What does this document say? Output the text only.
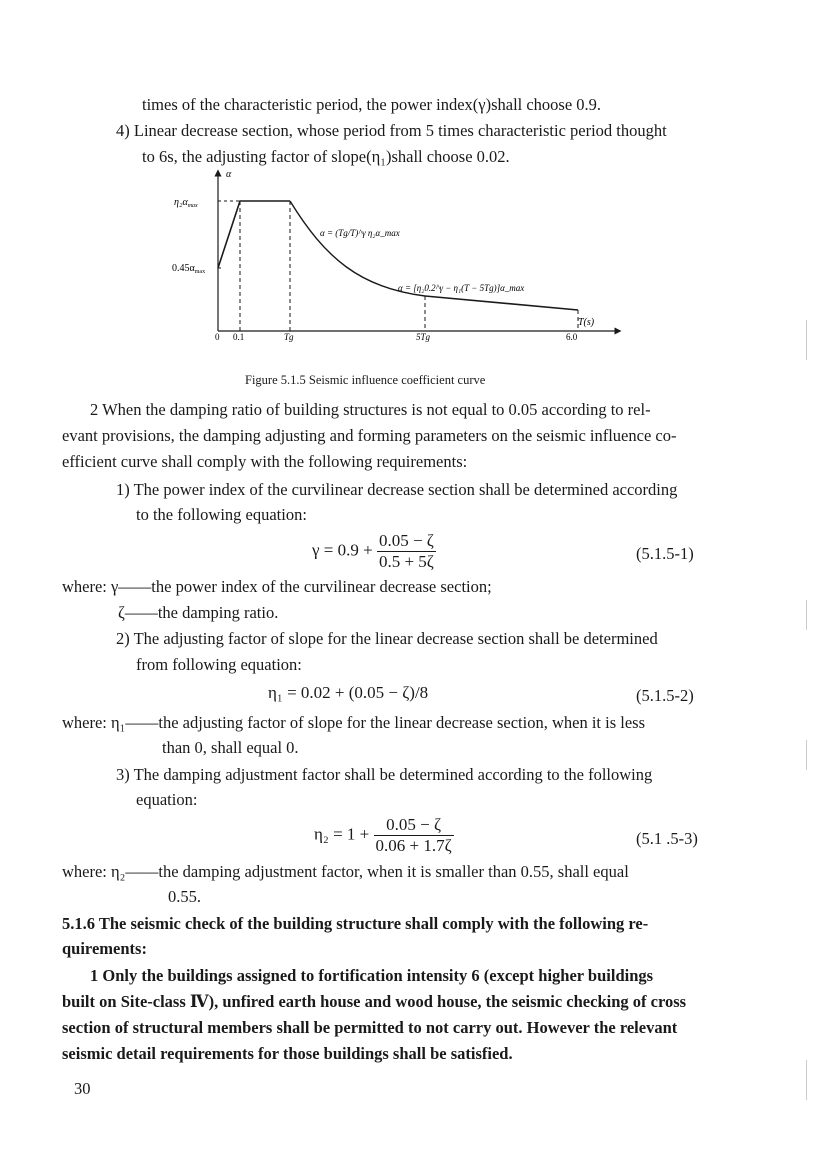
times of the characteristic period, the power index(γ)shall choose 0.9.
4) Linear decrease section, whose period from 5 times characteristic period thought
to 6s, the adjusting factor of slope(η₁)shall choose 0.02.
α
$\eta_2\alpha_{max}$
$0.45\alpha_{max}$
α = (Tg/T)^γ η₂α_max
α = [η₂0.2^γ − η₁(T − 5Tg)]α_max
T(s)
0 0.1	Tg	5Tg	6.0
Figure 5.1.5 Seismic influence coefficient curve
2 When the damping ratio of building structures is not equal to 0.05 according to rel-
evant provisions, the damping adjusting and forming parameters on the seismic influence co-
efficient curve shall comply with the following requirements:
1) The power index of the curvilinear decrease section shall be determined according
to the following equation:
$\gamma = 0.9 + \frac{0.05 - \zeta}{0.5 + 5\zeta}$	(5.1.5-1)
where: γ——the power index of the curvilinear decrease section;
ζ——the damping ratio.
2) The adjusting factor of slope for the linear decrease section shall be determined
from following equation:
η₁ = 0.02 + (0.05 − ζ)/8	(5.1.5-2)
where: η₁——the adjusting factor of slope for the linear decrease section, when it is less
than 0, shall equal 0.
3) The damping adjustment factor shall be determined according to the following
equation:
$\eta_2 = 1 + \frac{0.05 - \zeta}{0.06 + 1.7\zeta}$	(5.1 .5-3)
where: η₂——the damping adjustment factor, when it is smaller than 0.55, shall equal
0.55.
5.1.6 The seismic check of the building structure shall comply with the following re-
quirements:
1 Only the buildings assigned to fortification intensity 6 (except higher buildings
built on Site-class Ⅳ), unfired earth house and wood house, the seismic checking of cross
section of structural members shall be permitted to not carry out. However the relevant
seismic detail requirements for those buildings shall be satisfied.
30
